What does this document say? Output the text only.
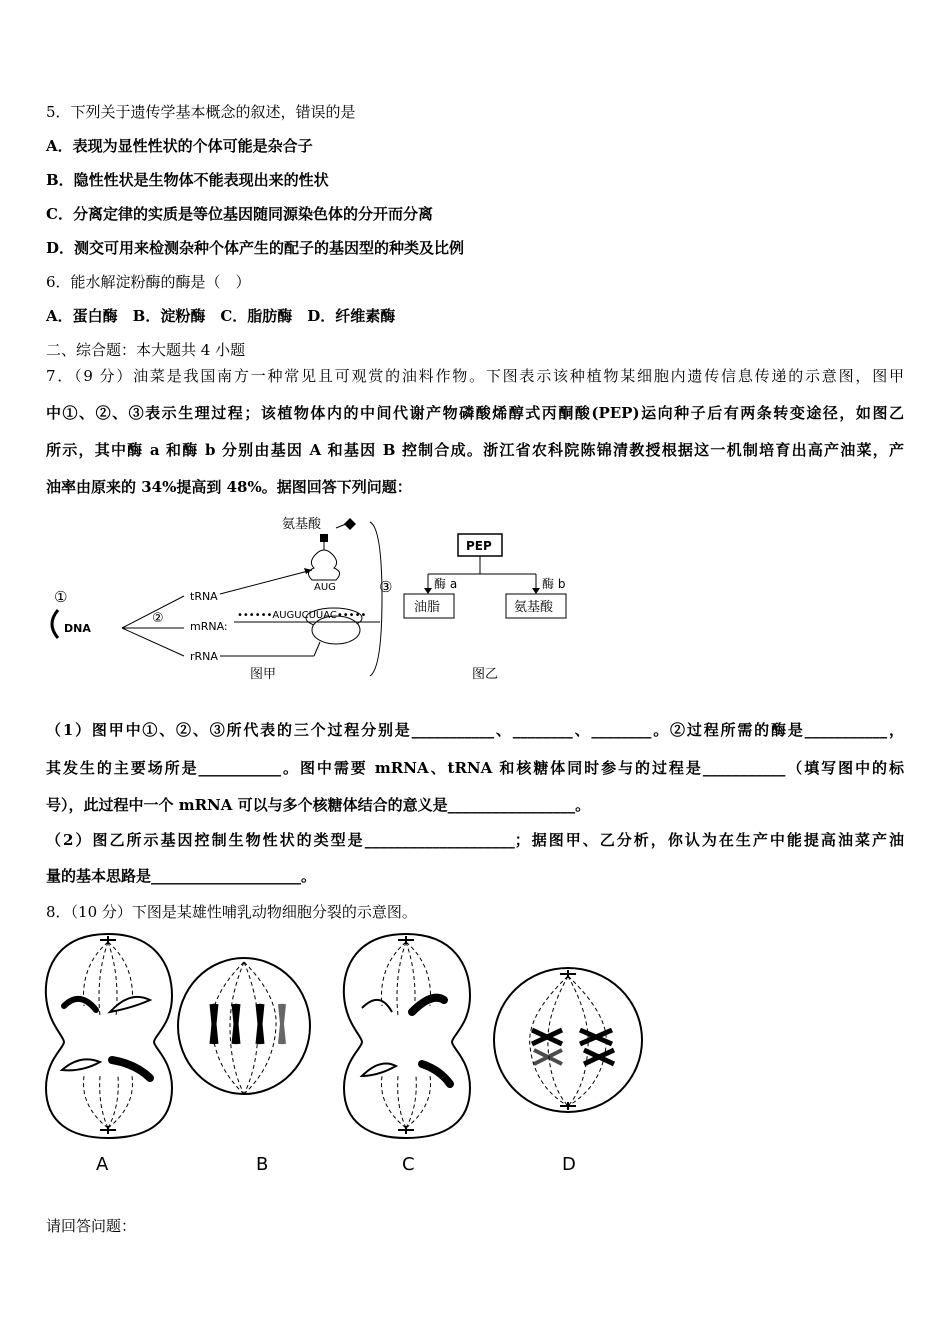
5．下列关于遗传学基本概念的叙述，错误的是
A．表现为显性性状的个体可能是杂合子
B．隐性性状是生物体不能表现出来的性状
C．分离定律的实质是等位基因随同源染色体的分开而分离
D．测交可用来检测杂种个体产生的配子的基因型的种类及比例
6．能水解淀粉酶的酶是（　）
A．蛋白酶　B．淀粉酶　C．脂肪酶　D．纤维素酶
二、综合题：本大题共 4 小题
7．（9 分）油菜是我国南方一种常见且可观赏的油料作物。下图表示该种植物某细胞内遗传信息传递的示意图，图甲
中①、②、③表示生理过程；该植物体内的中间代谢产物磷酸烯醇式丙酮酸(PEP)运向种子后有两条转变途径，如图乙
所示，其中酶 a 和酶 b 分别由基因 A 和基因 B 控制合成。浙江省农科院陈锦清教授根据这一机制培育出高产油菜，产
油率由原来的 34%提高到 48%。据图回答下列问题：
氨基酸
AUG
••••••AUGUCUUAC•••••
③
①
DNA
②
tRNA
mRNA:
rRNA
图甲
PEP
酶 a	酶 b
油脂	氨基酸
图乙
（1）图甲中①、②、③所代表的三个过程分别是___________、________、________。②过程所需的酶是___________，
其发生的主要场所是___________。图中需要 mRNA、tRNA 和核糖体同时参与的过程是___________（填写图中的标
号），此过程中一个 mRNA 可以与多个核糖体结合的意义是_________________。
（2）图乙所示基因控制生物性状的类型是____________________；据图甲、乙分析，你认为在生产中能提高油菜产油
量的基本思路是____________________。
8．（10 分）下图是某雄性哺乳动物细胞分裂的示意图。
A	B	C	D
请回答问题：
